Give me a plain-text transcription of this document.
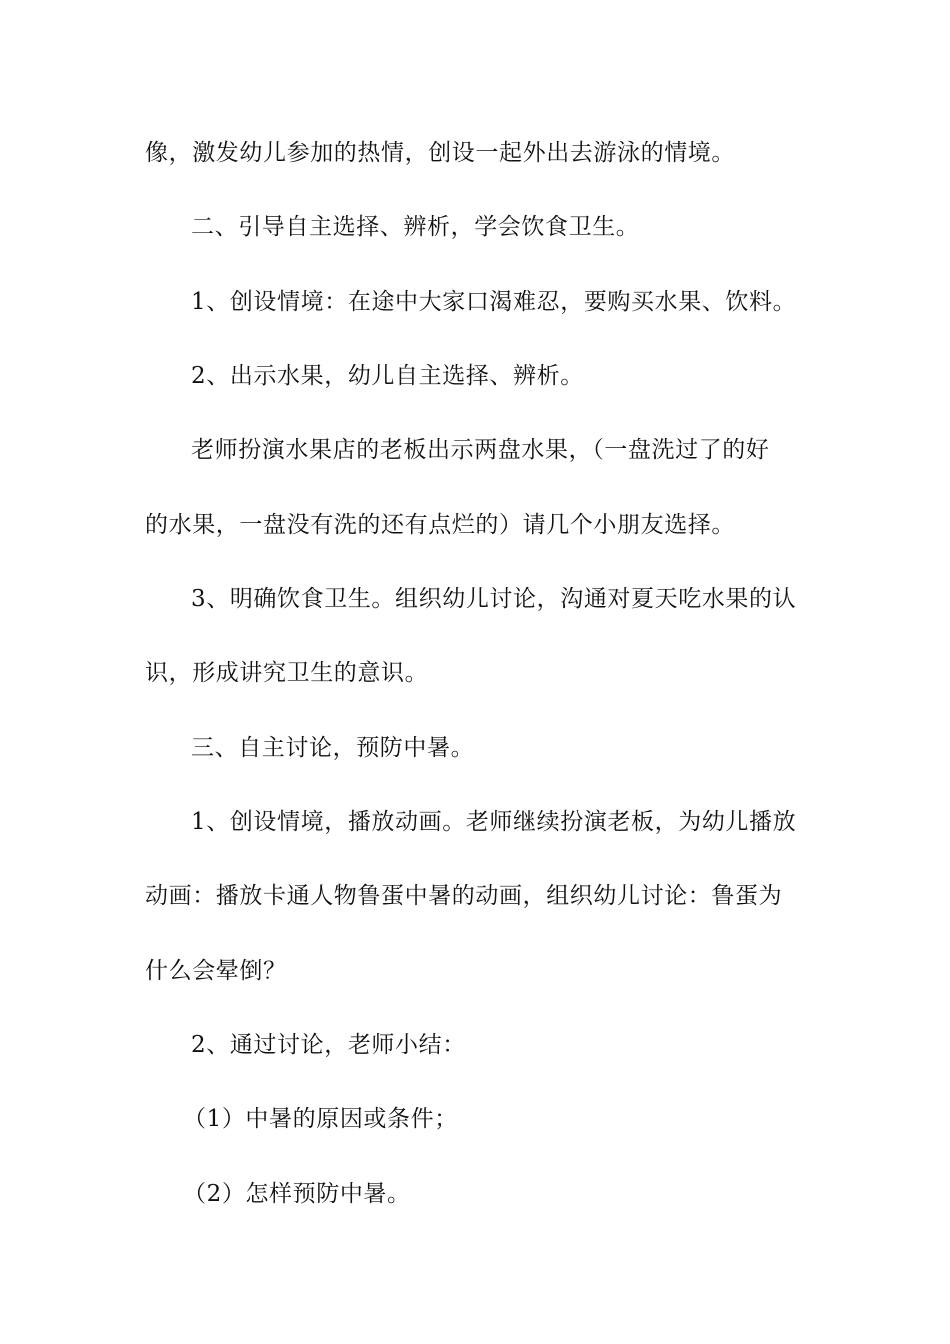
像，激发幼儿参加的热情，创设一起外出去游泳的情境。
二、引导自主选择、辨析，学会饮食卫生。
1、创设情境：在途中大家口渴难忍，要购买水果、饮料。
2、出示水果，幼儿自主选择、辨析。
老师扮演水果店的老板出示两盘水果，（一盘洗过了的好
的水果，一盘没有洗的还有点烂的）请几个小朋友选择。
3、明确饮食卫生。组织幼儿讨论，沟通对夏天吃水果的认
识，形成讲究卫生的意识。
三、自主讨论，预防中暑。
1、创设情境，播放动画。老师继续扮演老板，为幼儿播放
动画：播放卡通人物鲁蛋中暑的动画，组织幼儿讨论：鲁蛋为
什么会晕倒？
2、通过讨论，老师小结：
（1）中暑的原因或条件；
（2）怎样预防中暑。
